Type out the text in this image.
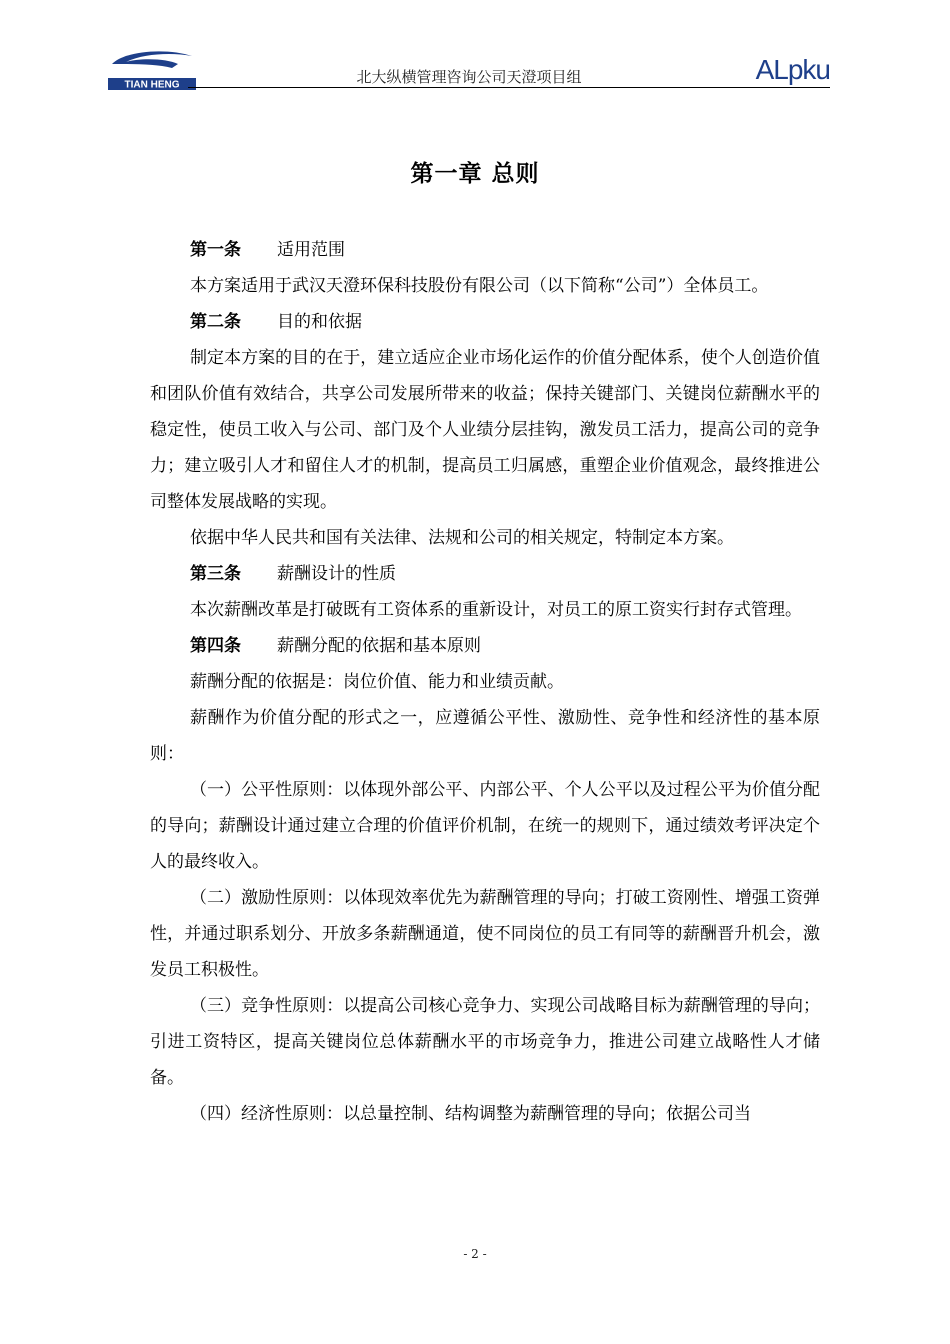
TIAN HENG	北大纵横管理咨询公司天澄项目组	ALpku
第一章 总则

第一条 适用范围

本方案适用于武汉天澄环保科技股份有限公司（以下简称“公司”）全体员工。

第二条 目的和依据

制定本方案的目的在于，建立适应企业市场化运作的价值分配体系，使个人创造价值和团队价值有效结合，共享公司发展所带来的收益；保持关键部门、关键岗位薪酬水平的稳定性，使员工收入与公司、部门及个人业绩分层挂钩，激发员工活力，提高公司的竞争力；建立吸引人才和留住人才的机制，提高员工归属感，重塑企业价值观念，最终推进公司整体发展战略的实现。

依据中华人民共和国有关法律、法规和公司的相关规定，特制定本方案。

第三条 薪酬设计的性质

本次薪酬改革是打破既有工资体系的重新设计，对员工的原工资实行封存式管理。

第四条 薪酬分配的依据和基本原则

薪酬分配的依据是：岗位价值、能力和业绩贡献。

薪酬作为价值分配的形式之一，应遵循公平性、激励性、竞争性和经济性的基本原则：

（一）公平性原则：以体现外部公平、内部公平、个人公平以及过程公平为价值分配的导向；薪酬设计通过建立合理的价值评价机制，在统一的规则下，通过绩效考评决定个人的最终收入。

（二）激励性原则：以体现效率优先为薪酬管理的导向；打破工资刚性、增强工资弹性，并通过职系划分、开放多条薪酬通道，使不同岗位的员工有同等的薪酬晋升机会，激发员工积极性。

（三）竞争性原则：以提高公司核心竞争力、实现公司战略目标为薪酬管理的导向；引进工资特区，提高关键岗位总体薪酬水平的市场竞争力，推进公司建立战略性人才储备。

（四）经济性原则：以总量控制、结构调整为薪酬管理的导向；依据公司当

- 2 -
